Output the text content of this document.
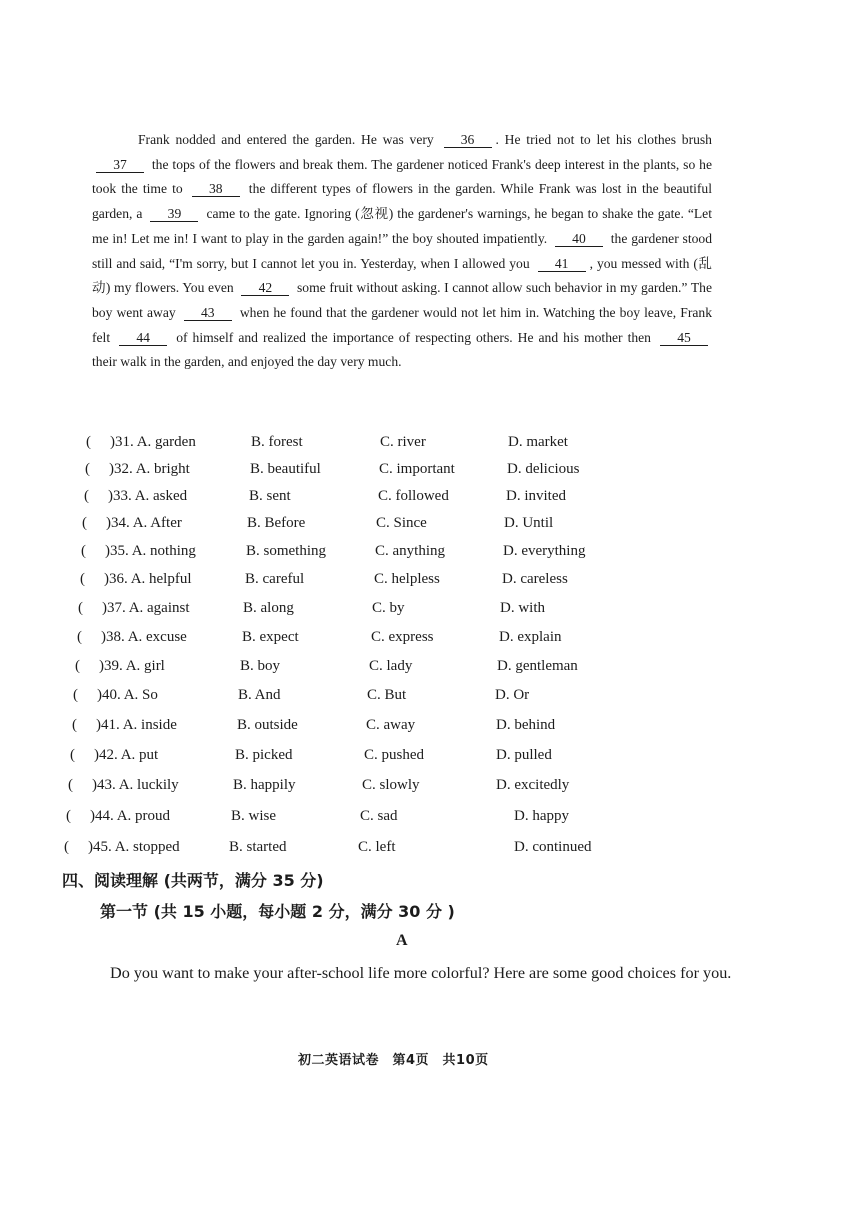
Frank nodded and entered the garden. He was very 36 . He tried not to let his clothes brush 37 the tops of the flowers and break them. The gardener noticed Frank's deep interest in the plants, so he took the time to 38 the different types of flowers in the garden. While Frank was lost in the beautiful garden, a 39 came to the gate. Ignoring (忽视) the gardener's warnings, he began to shake the gate. “Let me in! Let me in! I want to play in the garden again!” the boy shouted impatiently. 40 the gardener stood still and said, “I'm sorry, but I cannot let you in. Yesterday, when I allowed you 41 , you messed with (乱动) my flowers. You even 42 some fruit without asking. I cannot allow such behavior in my garden.” The boy went away 43 when he found that the gardener would not let him in. Watching the boy leave, Frank felt 44 of himself and realized the importance of respecting others. He and his mother then 45 their walk in the garden, and enjoyed the day very much.
( ) 31. A. garden	B. forest	C. river	D. market
( ) 32. A. bright	B. beautiful	C. important	D. delicious
( ) 33. A. asked	B. sent	C. followed	D. invited
( ) 34. A. After	B. Before	C. Since	D. Until
( ) 35. A. nothing	B. something	C. anything	D. everything
( ) 36. A. helpful	B. careful	C. helpless	D. careless
( ) 37. A. against	B. along	C. by	D. with
( ) 38. A. excuse	B. expect	C. express	D. explain
( ) 39. A. girl	B. boy	C. lady	D. gentleman
( ) 40. A. So	B. And	C. But	D. Or
( ) 41. A. inside	B. outside	C. away	D. behind
( ) 42. A. put	B. picked	C. pushed	D. pulled
( ) 43. A. luckily	B. happily	C. slowly	D. excitedly
( ) 44. A. proud	B. wise	C. sad	D. happy
( ) 45. A. stopped	B. started	C. left	D. continued
四、阅读理解 (共两节，满分 35 分)
第一节 (共 15 小题，每小题 2 分，满分 30 分 )
A
Do you want to make your after-school life more colorful? Here are some good choices for you.
初二英语试卷　第4页　共10页
